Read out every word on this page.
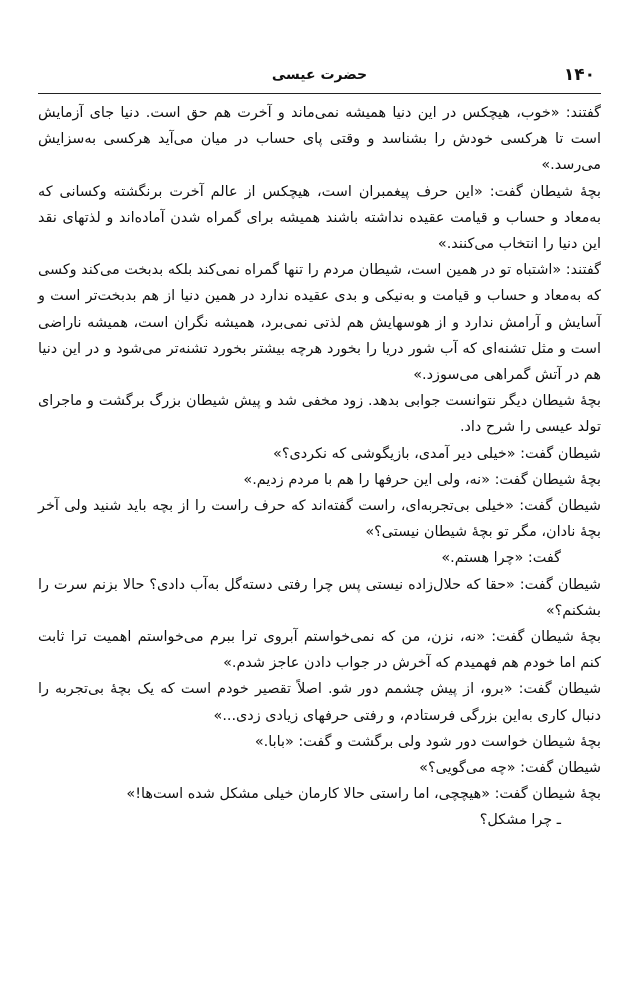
حضرت عیسی	۱۴۰

گفتند: «خوب، هیچکس در این دنیا همیشه نمی‌ماند و آخرت هم حق است. دنیا جای آزمایش است تا هرکسی خودش را بشناسد و وقتی پای حساب در میان می‌آید هرکسی به‌سزایش می‌رسد.»

بچهٔ شیطان گفت: «این حرف پیغمبران است، هیچکس از عالم آخرت برنگشته وکسانی که به‌معاد و حساب و قیامت عقیده نداشته باشند همیشه برای گمراه شدن آماده‌اند و لذتهای نقد این دنیا را انتخاب می‌کنند.»

گفتند: «اشتباه تو در همین است، شیطان مردم را تنها گمراه نمی‌کند بلکه بدبخت می‌کند وکسی که به‌معاد و حساب و قیامت و به‌نیکی و بدی عقیده ندارد در همین دنیا از هم بدبخت‌تر است و آسایش و آرامش ندارد و از هوسهایش هم لذتی نمی‌برد، همیشه نگران است، همیشه ناراضی است و مثل تشنه‌ای که آب شور دریا را بخورد هرچه بیشتر بخورد تشنه‌تر می‌شود و در این دنیا هم در آتش گمراهی می‌سوزد.»

بچهٔ شیطان دیگر نتوانست جوابی بدهد. زود مخفی شد و پیش شیطان بزرگ برگشت و ماجرای تولد عیسی را شرح داد.

شیطان گفت: «خیلی دیر آمدی، بازیگوشی که نکردی؟»

بچهٔ شیطان گفت: «نه، ولی این حرفها را هم با مردم زدیم.»

شیطان گفت: «خیلی بی‌تجربه‌ای، راست گفته‌اند که حرف راست را از بچه باید شنید ولی آخر بچهٔ نادان، مگر تو بچهٔ شیطان نیستی؟»

گفت: «چرا هستم.»

شیطان گفت: «حقا که حلال‌زاده نیستی پس چرا رفتی دسته‌گل به‌آب دادی؟ حالا بزنم سرت را بشکنم؟»

بچهٔ شیطان گفت: «نه، نزن، من که نمی‌خواستم آبروی ترا ببرم می‌خواستم اهمیت ترا ثابت کنم اما خودم هم فهمیدم که آخرش در جواب دادن عاجز شدم.»

شیطان گفت: «برو، از پیش چشمم دور شو. اصلاً تقصیر خودم است که یک بچهٔ بی‌تجربه را دنبال کاری به‌این بزرگی فرستادم، و رفتی حرفهای زیادی زدی...»

بچهٔ شیطان خواست دور شود ولی برگشت و گفت: «بابا.»

شیطان گفت: «چه می‌گویی؟»

بچهٔ شیطان گفت: «هیچچی، اما راستی حالا کارمان خیلی مشکل شده است‌ها!»

ـ چرا مشکل؟
